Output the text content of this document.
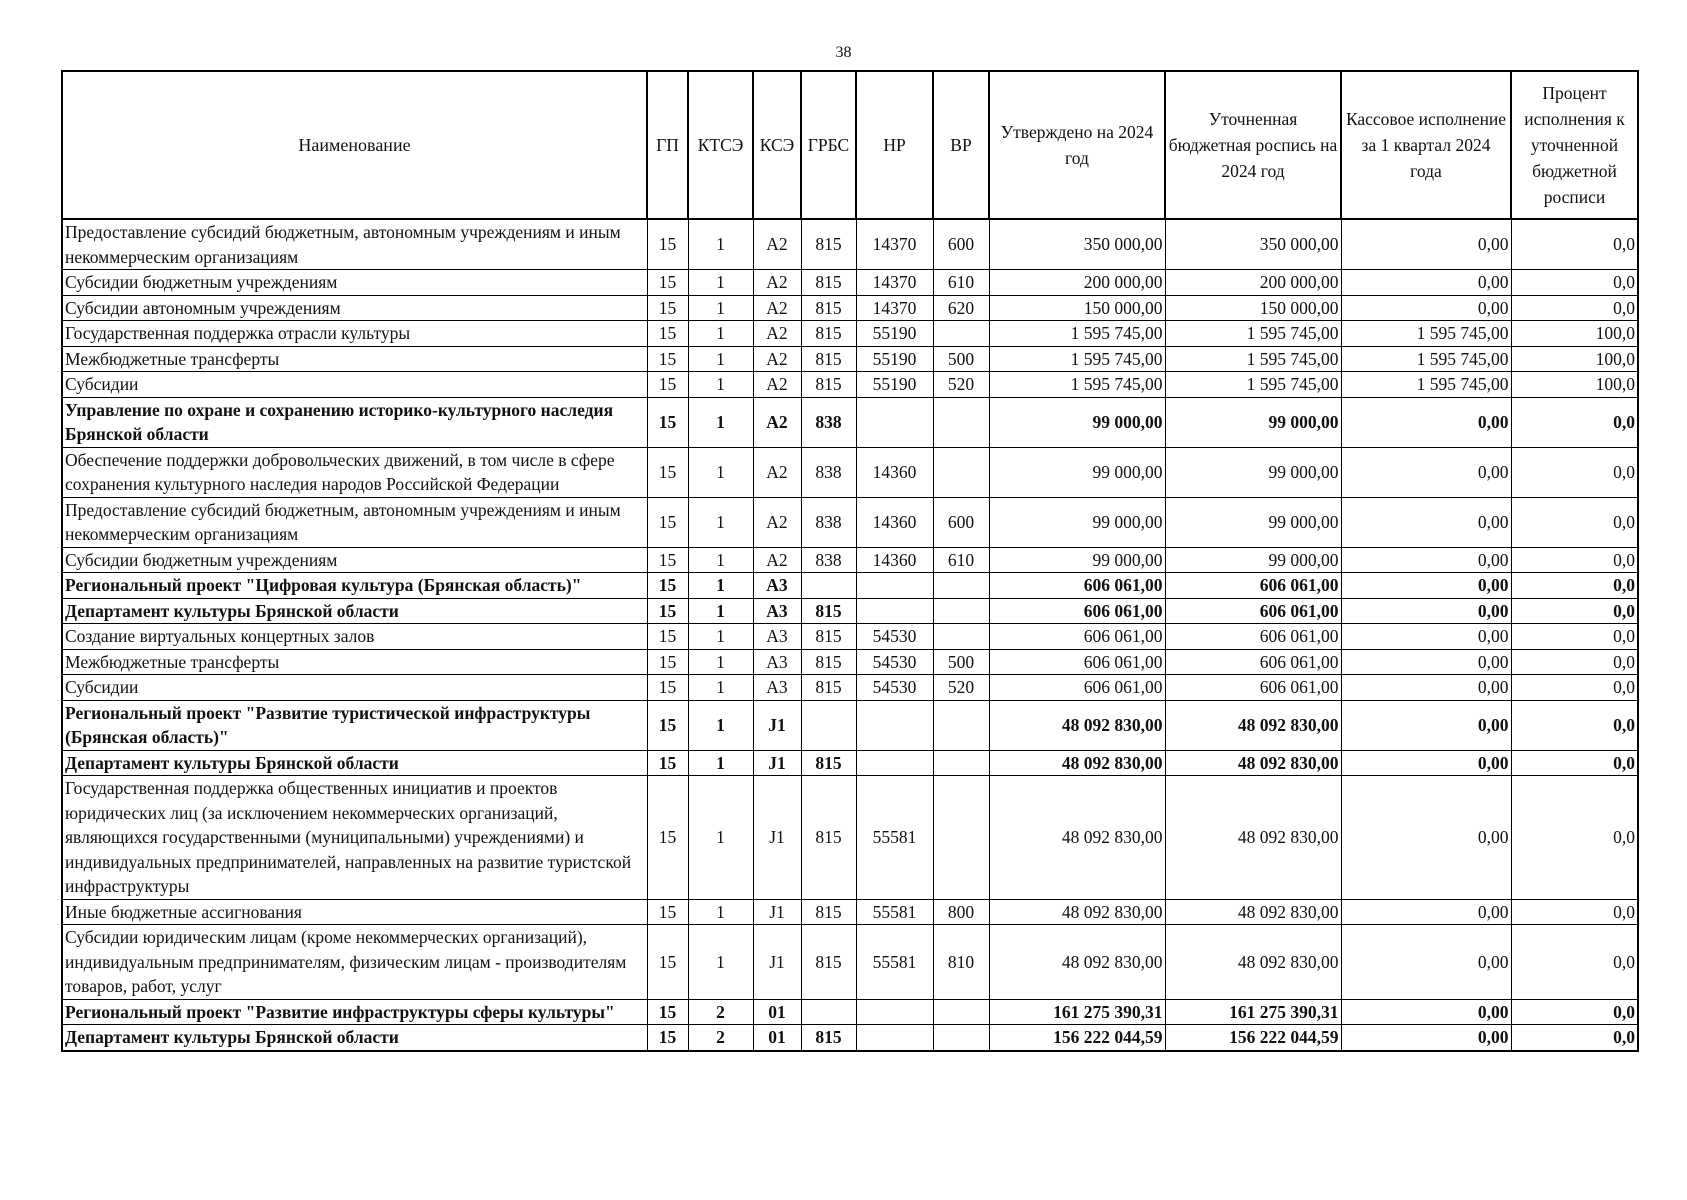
38
Наименование	ГП	КТСЭ	КСЭ	ГРБС	НР	ВР	Утверждено на 2024 год	Уточненная бюджетная роспись на 2024 год	Кассовое исполнение за 1 квартал 2024 года	Процент исполнения к уточненной бюджетной росписи
Предоставление субсидий бюджетным, автономным учреждениям и иным некоммерческим организациям	15	1	А2	815	14370	600	350 000,00	350 000,00	0,00	0,0
Субсидии бюджетным учреждениям	15	1	А2	815	14370	610	200 000,00	200 000,00	0,00	0,0
Субсидии автономным учреждениям	15	1	А2	815	14370	620	150 000,00	150 000,00	0,00	0,0
Государственная поддержка отрасли культуры	15	1	А2	815	55190		1 595 745,00	1 595 745,00	1 595 745,00	100,0
Межбюджетные трансферты	15	1	А2	815	55190	500	1 595 745,00	1 595 745,00	1 595 745,00	100,0
Субсидии	15	1	А2	815	55190	520	1 595 745,00	1 595 745,00	1 595 745,00	100,0
Управление по охране и сохранению историко-культурного наследия Брянской области	15	1	А2	838			99 000,00	99 000,00	0,00	0,0
Обеспечение поддержки добровольческих движений, в том числе в сфере сохранения культурного наследия народов Российской Федерации	15	1	А2	838	14360		99 000,00	99 000,00	0,00	0,0
Предоставление субсидий бюджетным, автономным учреждениям и иным некоммерческим организациям	15	1	А2	838	14360	600	99 000,00	99 000,00	0,00	0,0
Субсидии бюджетным учреждениям	15	1	А2	838	14360	610	99 000,00	99 000,00	0,00	0,0
Региональный проект "Цифровая культура (Брянская область)"	15	1	А3				606 061,00	606 061,00	0,00	0,0
Департамент культуры Брянской области	15	1	А3	815			606 061,00	606 061,00	0,00	0,0
Создание виртуальных концертных залов	15	1	А3	815	54530		606 061,00	606 061,00	0,00	0,0
Межбюджетные трансферты	15	1	А3	815	54530	500	606 061,00	606 061,00	0,00	0,0
Субсидии	15	1	А3	815	54530	520	606 061,00	606 061,00	0,00	0,0
Региональный проект "Развитие туристической инфраструктуры (Брянская область)"	15	1	J1				48 092 830,00	48 092 830,00	0,00	0,0
Департамент культуры Брянской области	15	1	J1	815			48 092 830,00	48 092 830,00	0,00	0,0
Государственная поддержка общественных инициатив и проектов юридических лиц (за исключением некоммерческих организаций, являющихся государственными (муниципальными) учреждениями) и индивидуальных предпринимателей, направленных на развитие туристской инфраструктуры	15	1	J1	815	55581		48 092 830,00	48 092 830,00	0,00	0,0
Иные бюджетные ассигнования	15	1	J1	815	55581	800	48 092 830,00	48 092 830,00	0,00	0,0
Субсидии юридическим лицам (кроме некоммерческих организаций), индивидуальным предпринимателям, физическим лицам - производителям товаров, работ, услуг	15	1	J1	815	55581	810	48 092 830,00	48 092 830,00	0,00	0,0
Региональный проект "Развитие инфраструктуры сферы культуры"	15	2	01				161 275 390,31	161 275 390,31	0,00	0,0
Департамент культуры Брянской области	15	2	01	815			156 222 044,59	156 222 044,59	0,00	0,0
